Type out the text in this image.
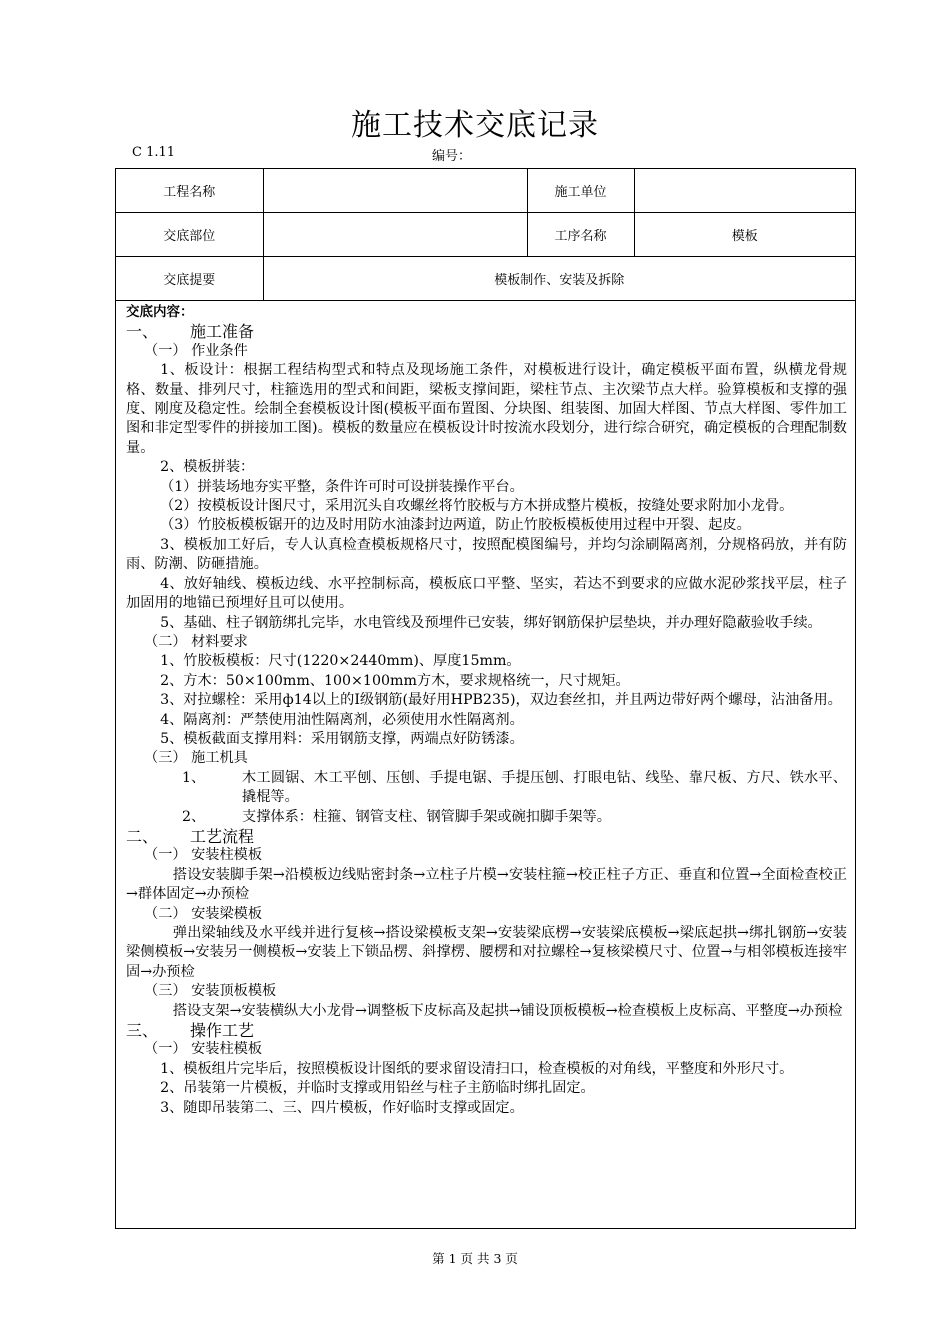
施工技术交底记录
C 1.11	编号：
工程名称		施工单位	
交底部位		工序名称	模板
交底提要	模板制作、安装及拆除		

交底内容：

一、 施工准备

（一） 作业条件

1、板设计：根据工程结构型式和特点及现场施工条件，对模板进行设计，确定模板平面布置，纵横龙骨规格、数量、排列尺寸，柱箍选用的型式和间距，梁板支撑间距，梁柱节点、主次梁节点大样。验算模板和支撑的强度、刚度及稳定性。绘制全套模板设计图(模板平面布置图、分块图、组装图、加固大样图、节点大样图、零件加工图和非定型零件的拼接加工图)。模板的数量应在模板设计时按流水段划分，进行综合研究，确定模板的合理配制数量。

2、模板拼装：

（1）拼装场地夯实平整，条件许可时可设拼装操作平台。

（2）按模板设计图尺寸，采用沉头自攻螺丝将竹胶板与方木拼成整片模板，按缝处要求附加小龙骨。

（3）竹胶板模板锯开的边及时用防水油漆封边两道，防止竹胶板模板使用过程中开裂、起皮。

3、模板加工好后，专人认真检查模板规格尺寸，按照配模图编号，并均匀涂刷隔离剂，分规格码放，并有防雨、防潮、防砸措施。

4、放好轴线、模板边线、水平控制标高，模板底口平整、坚实，若达不到要求的应做水泥砂浆找平层，柱子加固用的地锚已预埋好且可以使用。

5、基础、柱子钢筋绑扎完毕，水电管线及预埋件已安装，绑好钢筋保护层垫块，并办理好隐蔽验收手续。

（二） 材料要求

1、竹胶板模板：尺寸(1220×2440mm)、厚度15mm。

2、方木：50×100mm、100×100mm方木，要求规格统一，尺寸规矩。

3、对拉螺栓：采用ф14以上的Ⅰ级钢筋(最好用HPB235)，双边套丝扣，并且两边带好两个螺母，沾油备用。

4、隔离剂：严禁使用油性隔离剂，必须使用水性隔离剂。

5、模板截面支撑用料：采用钢筋支撑，两端点好防锈漆。

（三） 施工机具

1、	木工圆锯、木工平刨、压刨、手提电锯、手提压刨、打眼电钻、线坠、靠尺板、方尺、铁水平、撬棍等。
2、	支撑体系：柱箍、钢管支柱、钢管脚手架或碗扣脚手架等。

二、 工艺流程

（一） 安装柱模板

搭设安装脚手架→沿模板边线贴密封条→立柱子片模→安装柱箍→校正柱子方正、垂直和位置→全面检查校正→群体固定→办预检

（二） 安装梁模板

弹出梁轴线及水平线并进行复核→搭设梁模板支架→安装梁底楞→安装梁底模板→梁底起拱→绑扎钢筋→安装梁侧模板→安装另一侧模板→安装上下锁品楞、斜撑楞、腰楞和对拉螺栓→复核梁模尺寸、位置→与相邻模板连接牢固→办预检

（三） 安装顶板模板

搭设支架→安装横纵大小龙骨→调整板下皮标高及起拱→铺设顶板模板→检查模板上皮标高、平整度→办预检

三、 操作工艺

（一） 安装柱模板

1、模板组片完毕后，按照模板设计图纸的要求留设清扫口，检查模板的对角线，平整度和外形尺寸。

2、吊装第一片模板，并临时支撑或用铅丝与柱子主筋临时绑扎固定。

3、随即吊装第二、三、四片模板，作好临时支撑或固定。

第 1 页 共 3 页
